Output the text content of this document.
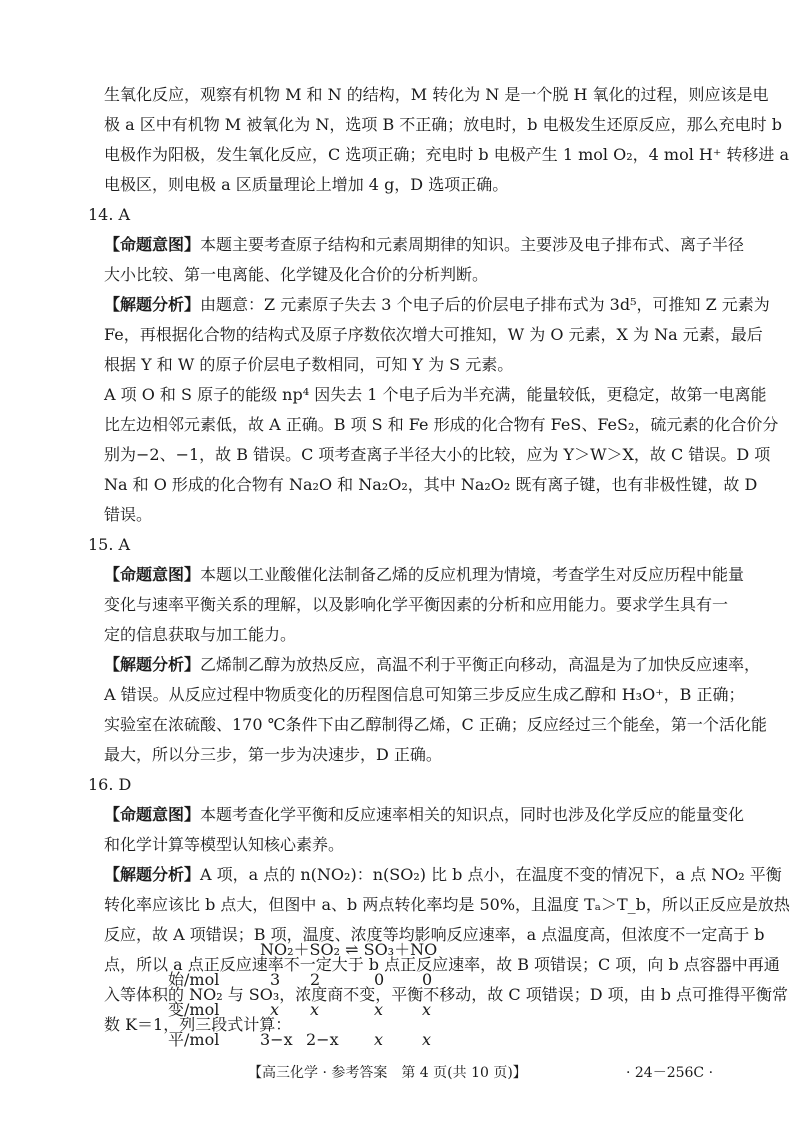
生氧化反应，观察有机物 M 和 N 的结构，M 转化为 N 是一个脱 H 氧化的过程，则应该是电
极 a 区中有机物 M 被氧化为 N，选项 B 不正确；放电时，b 电极发生还原反应，那么充电时 b
电极作为阳极，发生氧化反应，C 选项正确；充电时 b 电极产生 1 mol O₂，4 mol H⁺ 转移进 a
电极区，则电极 a 区质量理论上增加 4 g，D 选项正确。
14. A
【命题意图】本题主要考查原子结构和元素周期律的知识。主要涉及电子排布式、离子半径
大小比较、第一电离能、化学键及化合价的分析判断。
【解题分析】由题意：Z 元素原子失去 3 个电子后的价层电子排布式为 3d⁵，可推知 Z 元素为
Fe，再根据化合物的结构式及原子序数依次增大可推知，W 为 O 元素，X 为 Na 元素，最后
根据 Y 和 W 的原子价层电子数相同，可知 Y 为 S 元素。
A 项 O 和 S 原子的能级 np⁴ 因失去 1 个电子后为半充满，能量较低，更稳定，故第一电离能
比左边相邻元素低，故 A 正确。B 项 S 和 Fe 形成的化合物有 FeS、FeS₂，硫元素的化合价分
别为−2、−1，故 B 错误。C 项考查离子半径大小的比较，应为 Y＞W＞X，故 C 错误。D 项
Na 和 O 形成的化合物有 Na₂O 和 Na₂O₂，其中 Na₂O₂ 既有离子键，也有非极性键，故 D
错误。
15. A
【命题意图】本题以工业酸催化法制备乙烯的反应机理为情境，考查学生对反应历程中能量
变化与速率平衡关系的理解，以及影响化学平衡因素的分析和应用能力。要求学生具有一
定的信息获取与加工能力。
【解题分析】乙烯制乙醇为放热反应，高温不利于平衡正向移动，高温是为了加快反应速率，
A 错误。从反应过程中物质变化的历程图信息可知第三步反应生成乙醇和 H₃O⁺，B 正确；
实验室在浓硫酸、170 ℃条件下由乙醇制得乙烯，C 正确；反应经过三个能垒，第一个活化能
最大，所以分三步，第一步为决速步，D 正确。
16. D
【命题意图】本题考查化学平衡和反应速率相关的知识点，同时也涉及化学反应的能量变化
和化学计算等模型认知核心素养。
【解题分析】A 项，a 点的 n(NO₂)：n(SO₂) 比 b 点小，在温度不变的情况下，a 点 NO₂ 平衡
转化率应该比 b 点大，但图中 a、b 两点转化率均是 50%，且温度 Tₐ＞T_b，所以正反应是放热
反应，故 A 项错误；B 项，温度、浓度等均影响反应速率，a 点温度高，但浓度不一定高于 b
点，所以 a 点正反应速率不一定大于 b 点正反应速率，故 B 项错误；C 项，向 b 点容器中再通
入等体积的 NO₂ 与 SO₃，浓度商不变，平衡不移动，故 C 项错误；D 项，由 b 点可推得平衡常
数 K＝1，列三段式计算：
NO₂＋SO₂ ⇌ SO₃＋NO
始/mol	3 2	0 0
变/mol	x x	x x
平/mol	3−x 2−x x x
【高三化学 · 参考答案　第 4 页(共 10 页)】	· 24－256C ·
